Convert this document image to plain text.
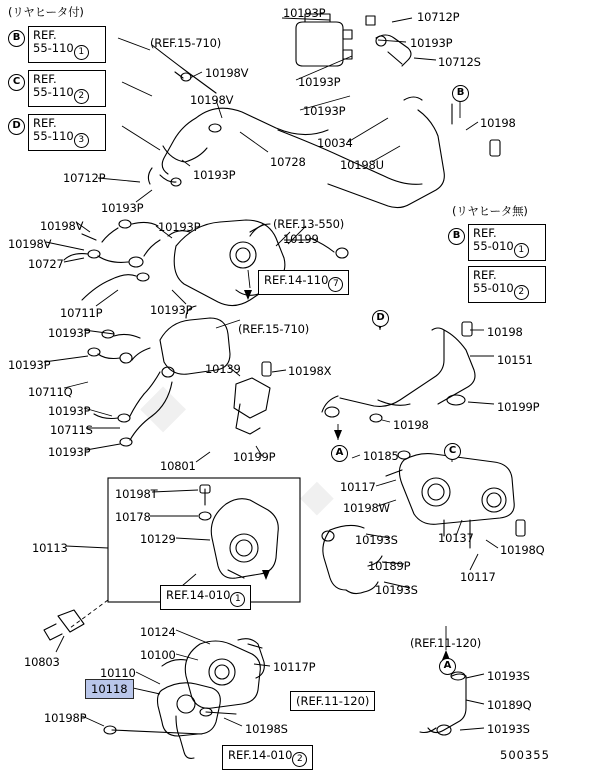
◆
◆
(リヤヒータ付)
(リヤヒータ無)
REF.
55-110 1
B
REF.
55-110 2
C
REF.
55-110 3
D
REF.
55-010 1
B
REF.
55-010 2
(REF.15-710)
(REF.13-550)
REF.14-110 7
(REF.15-710)
REF.14-010 1
(REF.11-120)
(REF.11-120)
REF.14-010 2
10118
B
D
A	C
A
10193P	10712P
10193P
10712S
10198V
10193P
10198V
10193P
10198
10034
10198U
10728
10193P
10712P
10193P
10198V	10193P
10198V	10199
10727
10711P	10193P
10193P	10198
10151
10193P	10139	10198X
10711Q
10199P
10193P
10198
10711S
10193P
10801
10199P	10185
10117
10198T
10198W
10178
10129	10193S	10137
10198Q
10113
10189P
10117
10193S
10803
10124
10100
10117P
10110	10193S
10189Q
10198P
10198S	10193S
500355
